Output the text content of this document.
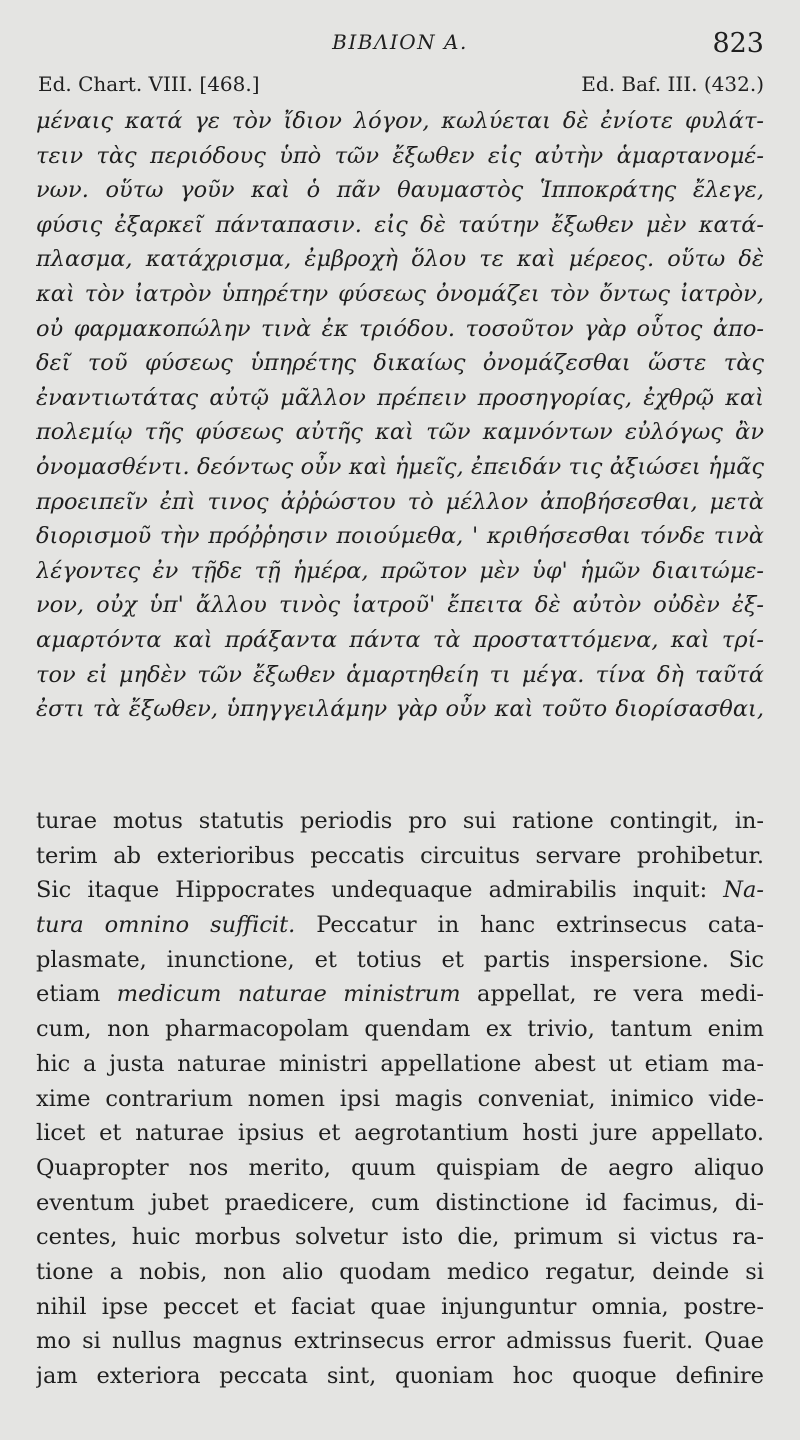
ΒΙΒΛΙΟΝ Α.	823
Ed. Chart. VIII. [468.]	Ed. Baf. III. (432.)
μέναις κατά γε τὸν ἴδιον λόγον, κωλύεται δὲ ἐνίοτε φυλάτ-
τειν τὰς περιόδους ὑπὸ τῶν ἔξωθεν εἰς αὐτὴν ἁμαρτανομέ-
νων. οὕτω γοῦν καὶ ὁ πᾶν θαυμαστὸς Ἱπποκράτης ἔλεγε,
φύσις ἐξαρκεῖ πάνταπασιν. εἰς δὲ ταύτην ἔξωθεν μὲν κατά-
πλασμα, κατάχρισμα, ἐμβροχὴ ὅλου τε καὶ μέρεος. οὕτω δὲ
καὶ τὸν ἰατρὸν ὑπηρέτην φύσεως ὀνομάζει τὸν ὄντως ἰατρὸν,
οὐ φαρμακοπώλην τινὰ ἐκ τριόδου. τοσοῦτον γὰρ οὗτος ἀπο-
δεῖ τοῦ φύσεως ὑπηρέτης δικαίως ὀνομάζεσθαι ὥστε τὰς
ἐναντιωτάτας αὐτῷ μᾶλλον πρέπειν προσηγορίας, ἐχθρῷ καὶ
πολεμίῳ τῆς φύσεως αὐτῆς καὶ τῶν καμνόντων εὐλόγως ἂν
ὀνομασθέντι. δεόντως οὖν καὶ ἡμεῖς, ἐπειδάν τις ἀξιώσει ἡμᾶς
προειπεῖν ἐπὶ τινος ἀῤῥώστου τὸ μέλλον ἀποβήσεσθαι, μετὰ
διορισμοῦ τὴν πρόῤῥησιν ποιούμεθα, ' κριθήσεσθαι τόνδε τινὰ
λέγοντες ἐν τῇδε τῇ ἡμέρα, πρῶτον μὲν ὑφ' ἡμῶν διαιτώμε-
νον, οὐχ ὑπ' ἄλλου τινὸς ἰατροῦ' ἔπειτα δὲ αὐτὸν οὐδὲν ἐξ-
αμαρτόντα καὶ πράξαντα πάντα τὰ προσταττόμενα, καὶ τρί-
τον εἰ μηδὲν τῶν ἔξωθεν ἁμαρτηθείη τι μέγα. τίνα δὴ ταῦτά
ἐστι τὰ ἔξωθεν, ὑπηγγειλάμην γὰρ οὖν καὶ τοῦτο διορίσασθαι,
turae motus statutis periodis pro sui ratione contingit, in-
terim ab exterioribus peccatis circuitus servare prohibetur.
Sic itaque Hippocrates undequaque admirabilis inquit: Na-
tura omnino sufficit. Peccatur in hanc extrinsecus cata-
plasmate, inunctione, et totius et partis inspersione. Sic
etiam medicum naturae ministrum appellat, re vera medi-
cum, non pharmacopolam quendam ex trivio, tantum enim
hic a justa naturae ministri appellatione abest ut etiam ma-
xime contrarium nomen ipsi magis conveniat, inimico vide-
licet et naturae ipsius et aegrotantium hosti jure appellato.
Quapropter nos merito, quum quispiam de aegro aliquo
eventum jubet praedicere, cum distinctione id facimus, di-
centes, huic morbus solvetur isto die, primum si victus ra-
tione a nobis, non alio quodam medico regatur, deinde si
nihil ipse peccet et faciat quae injunguntur omnia, postre-
mo si nullus magnus extrinsecus error admissus fuerit. Quae
jam exteriora peccata sint, quoniam hoc quoque definire
